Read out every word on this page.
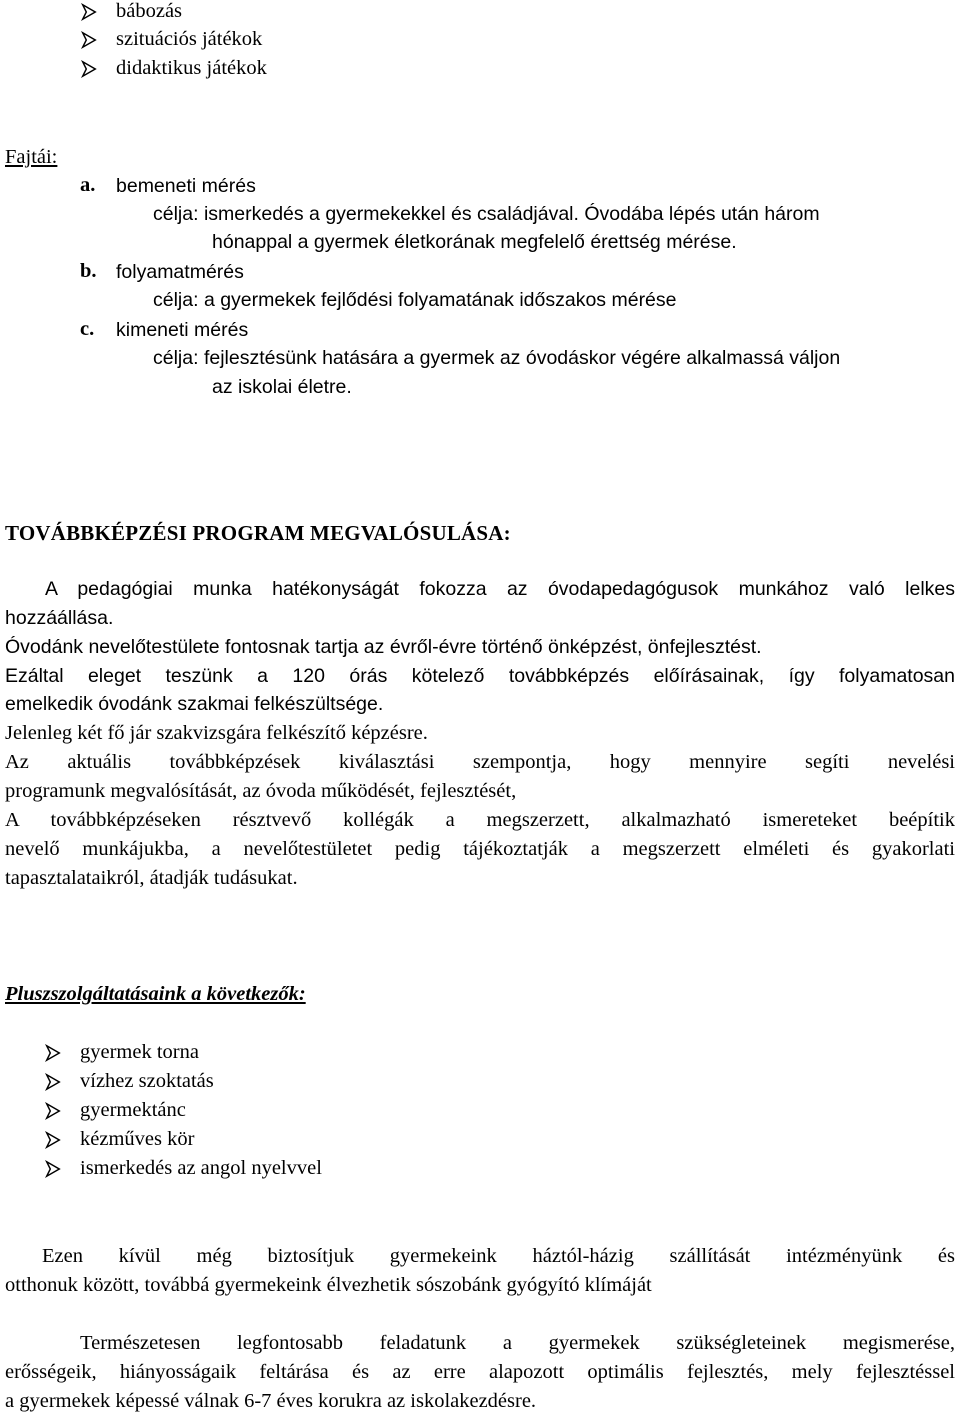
bábozás
szituációs játékok
didaktikus játékok
Fajtái:
a. bemeneti mérés
célja: ismerkedés a gyermekekkel és családjával. Óvodába lépés után három
hónappal a gyermek életkorának megfelelő érettség mérése.
b. folyamatmérés
célja: a gyermekek fejlődési folyamatának időszakos mérése
c. kimeneti mérés
célja: fejlesztésünk hatására a gyermek az óvodáskor végére alkalmassá váljon
az iskolai életre.
TOVÁBBKÉPZÉSI PROGRAM MEGVALÓSULÁSA:
A pedagógiai munka hatékonyságát fokozza az óvodapedagógusok munkához való lelkes
hozzáállása.
Óvodánk nevelőtestülete fontosnak tartja az évről-évre történő önképzést, önfejlesztést.
Ezáltal eleget teszünk a 120 órás kötelező továbbképzés előírásainak, így folyamatosan
emelkedik óvodánk szakmai felkészültsége.
Jelenleg két fő jár szakvizsgára felkészítő képzésre.
Az aktuális továbbképzések kiválasztási szempontja, hogy mennyire segíti nevelési
programunk megvalósítását, az óvoda működését, fejlesztését,
A továbbképzéseken résztvevő kollégák a megszerzett, alkalmazható ismereteket beépítik
nevelő munkájukba, a nevelőtestületet pedig tájékoztatják a megszerzett elméleti és gyakorlati
tapasztalataikról, átadják tudásukat.
Pluszszolgáltatásaink a következők:
gyermek torna
vízhez szoktatás
gyermektánc
kézműves kör
ismerkedés az angol nyelvvel
Ezen kívül még biztosítjuk gyermekeink háztól-házig szállítását intézményünk és
otthonuk között, továbbá gyermekeink élvezhetik sószobánk gyógyító klímáját
Természetesen legfontosabb feladatunk a gyermekek szükségleteinek megismerése,
erősségeik, hiányosságaik feltárása és az erre alapozott optimális fejlesztés, mely fejlesztéssel
a gyermekek képessé válnak 6-7 éves korukra az iskolakezdésre.
